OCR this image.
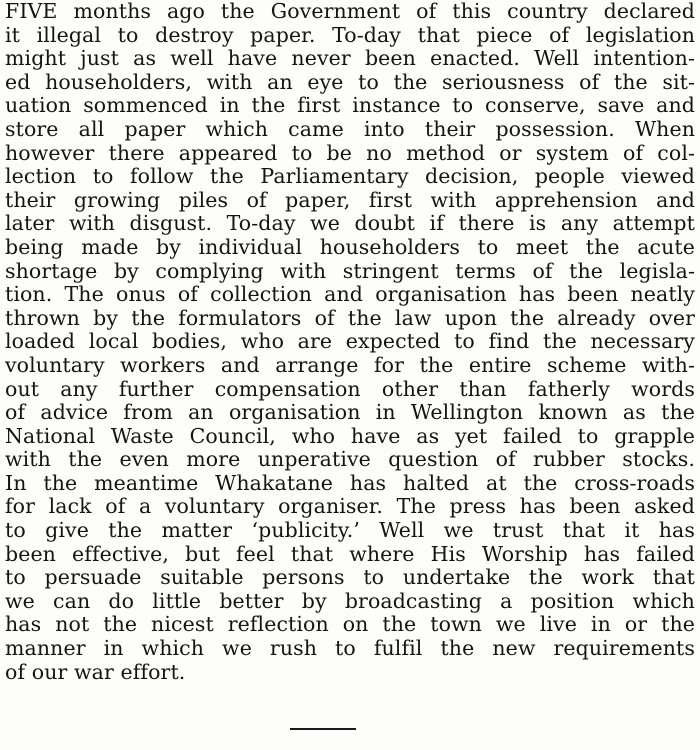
FIVE months ago the Government of this country declared
it illegal to destroy paper. To-day that piece of legislation
might just as well have never been enacted. Well intention-
ed householders, with an eye to the seriousness of the sit-
uation sommenced in the first instance to conserve, save and
store all paper which came into their possession. When
however there appeared to be no method or system of col-
lection to follow the Parliamentary decision, people viewed
their growing piles of paper, first with apprehension and
later with disgust. To-day we doubt if there is any attempt
being made by individual householders to meet the acute
shortage by complying with stringent terms of the legisla-
tion. The onus of collection and organisation has been neatly
thrown by the formulators of the law upon the already over
loaded local bodies, who are expected to find the necessary
voluntary workers and arrange for the entire scheme with-
out any further compensation other than fatherly words
of advice from an organisation in Wellington known as the
National Waste Council, who have as yet failed to grapple
with the even more unperative question of rubber stocks.
In the meantime Whakatane has halted at the cross-roads
for lack of a voluntary organiser. The press has been asked
to give the matter ‘publicity.’ Well we trust that it has
been effective, but feel that where His Worship has failed
to persuade suitable persons to undertake the work that
we can do little better by broadcasting a position which
has not the nicest reflection on the town we live in or the
manner in which we rush to fulfil the new requirements
of our war effort.
